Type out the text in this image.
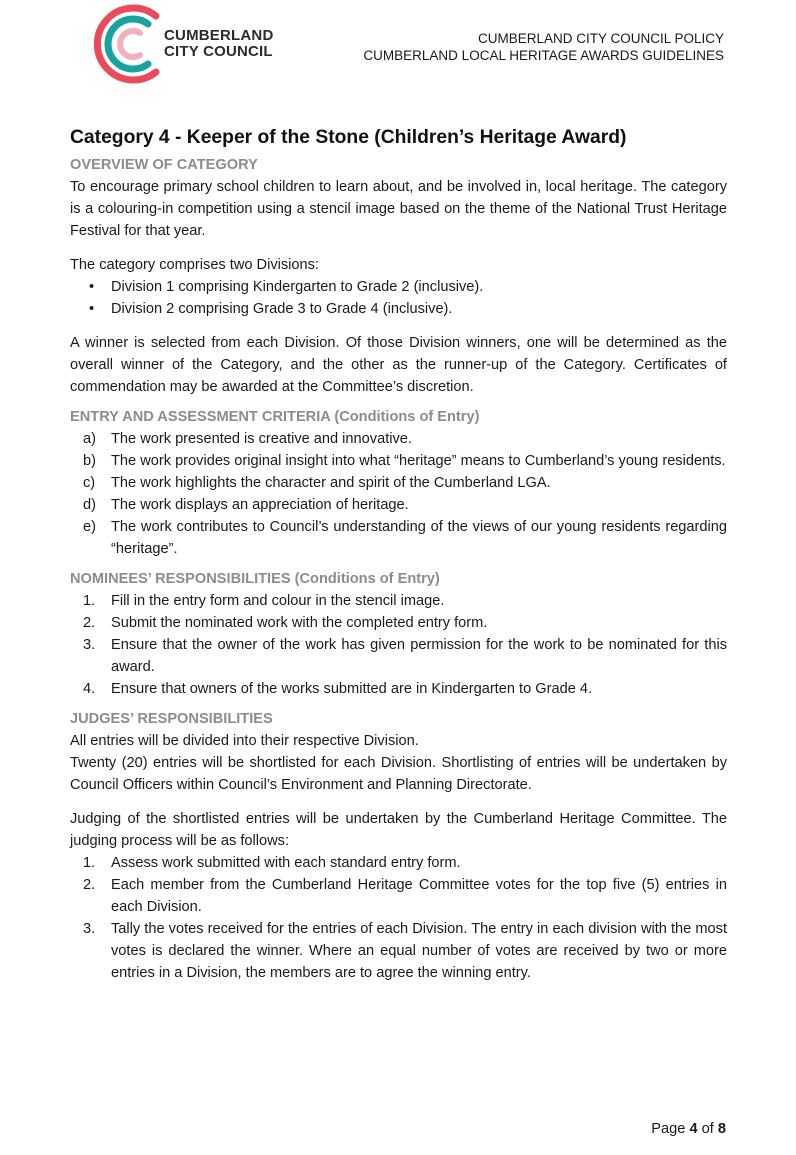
CUMBERLAND
CITY COUNCIL
CUMBERLAND CITY COUNCIL POLICY
CUMBERLAND LOCAL HERITAGE AWARDS GUIDELINES
Category 4 - Keeper of the Stone (Children’s Heritage Award)
OVERVIEW OF CATEGORY

To encourage primary school children to learn about, and be involved in, local heritage. The category is a colouring-in competition using a stencil image based on the theme of the National Trust Heritage Festival for that year.

The category comprises two Divisions:

• Division 1 comprising Kindergarten to Grade 2 (inclusive).
• Division 2 comprising Grade 3 to Grade 4 (inclusive).

A winner is selected from each Division. Of those Division winners, one will be determined as the overall winner of the Category, and the other as the runner-up of the Category. Certificates of commendation may be awarded at the Committee’s discretion.

ENTRY AND ASSESSMENT CRITERIA (Conditions of Entry)
a)	The work presented is creative and innovative.
b)	The work provides original insight into what “heritage” means to Cumberland’s young residents.
c)	The work highlights the character and spirit of the Cumberland LGA.
d)	The work displays an appreciation of heritage.
e)	The work contributes to Council’s understanding of the views of our young residents regarding “heritage”.
NOMINEES’ RESPONSIBILITIES (Conditions of Entry)
1.	Fill in the entry form and colour in the stencil image.
2.	Submit the nominated work with the completed entry form.
3.	Ensure that the owner of the work has given permission for the work to be nominated for this award.
4.	Ensure that owners of the works submitted are in Kindergarten to Grade 4.
JUDGES’ RESPONSIBILITIES

All entries will be divided into their respective Division.

Twenty (20) entries will be shortlisted for each Division. Shortlisting of entries will be undertaken by Council Officers within Council’s Environment and Planning Directorate.

Judging of the shortlisted entries will be undertaken by the Cumberland Heritage Committee. The judging process will be as follows:

1.	Assess work submitted with each standard entry form.
2.	Each member from the Cumberland Heritage Committee votes for the top five (5) entries in each Division.
3.	Tally the votes received for the entries of each Division. The entry in each division with the most votes is declared the winner. Where an equal number of votes are received by two or more entries in a Division, the members are to agree the winning entry.
Page 4 of 8
